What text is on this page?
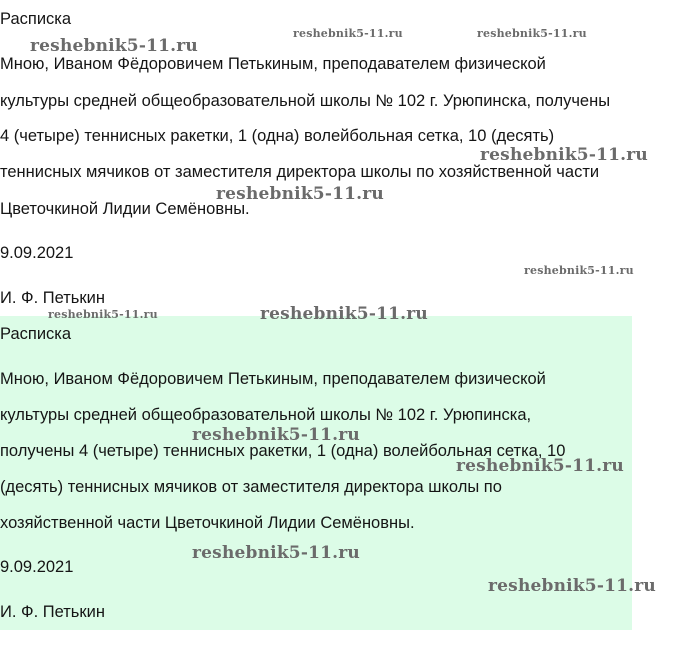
Расписка
Мною, Иваном Фёдоровичем Петькиным, преподавателем физической
культуры средней общеобразовательной школы № 102 г. Урюпинска, получены
4 (четыре) теннисных ракетки, 1 (одна) волейбольная сетка, 10 (десять)
теннисных мячиков от заместителя директора школы по хозяйственной части
Цветочкиной Лидии Семёновны.
9.09.2021
И. Ф. Петькин
Расписка
Мною, Иваном Фёдоровичем Петькиным, преподавателем физической
культуры средней общеобразовательной школы № 102 г. Урюпинска,
получены 4 (четыре) теннисных ракетки, 1 (одна) волейбольная сетка, 10
(десять) теннисных мячиков от заместителя директора школы по
хозяйственной части Цветочкиной Лидии Семёновны.
9.09.2021
И. Ф. Петькин
reshebnik5-11.ru
reshebnik5-11.ru	reshebnik5-11.ru
reshebnik5-11.ru
reshebnik5-11.ru
reshebnik5-11.ru
reshebnik5-11.ru	reshebnik5-11.ru
reshebnik5-11.ru
reshebnik5-11.ru
reshebnik5-11.ru
reshebnik5-11.ru
